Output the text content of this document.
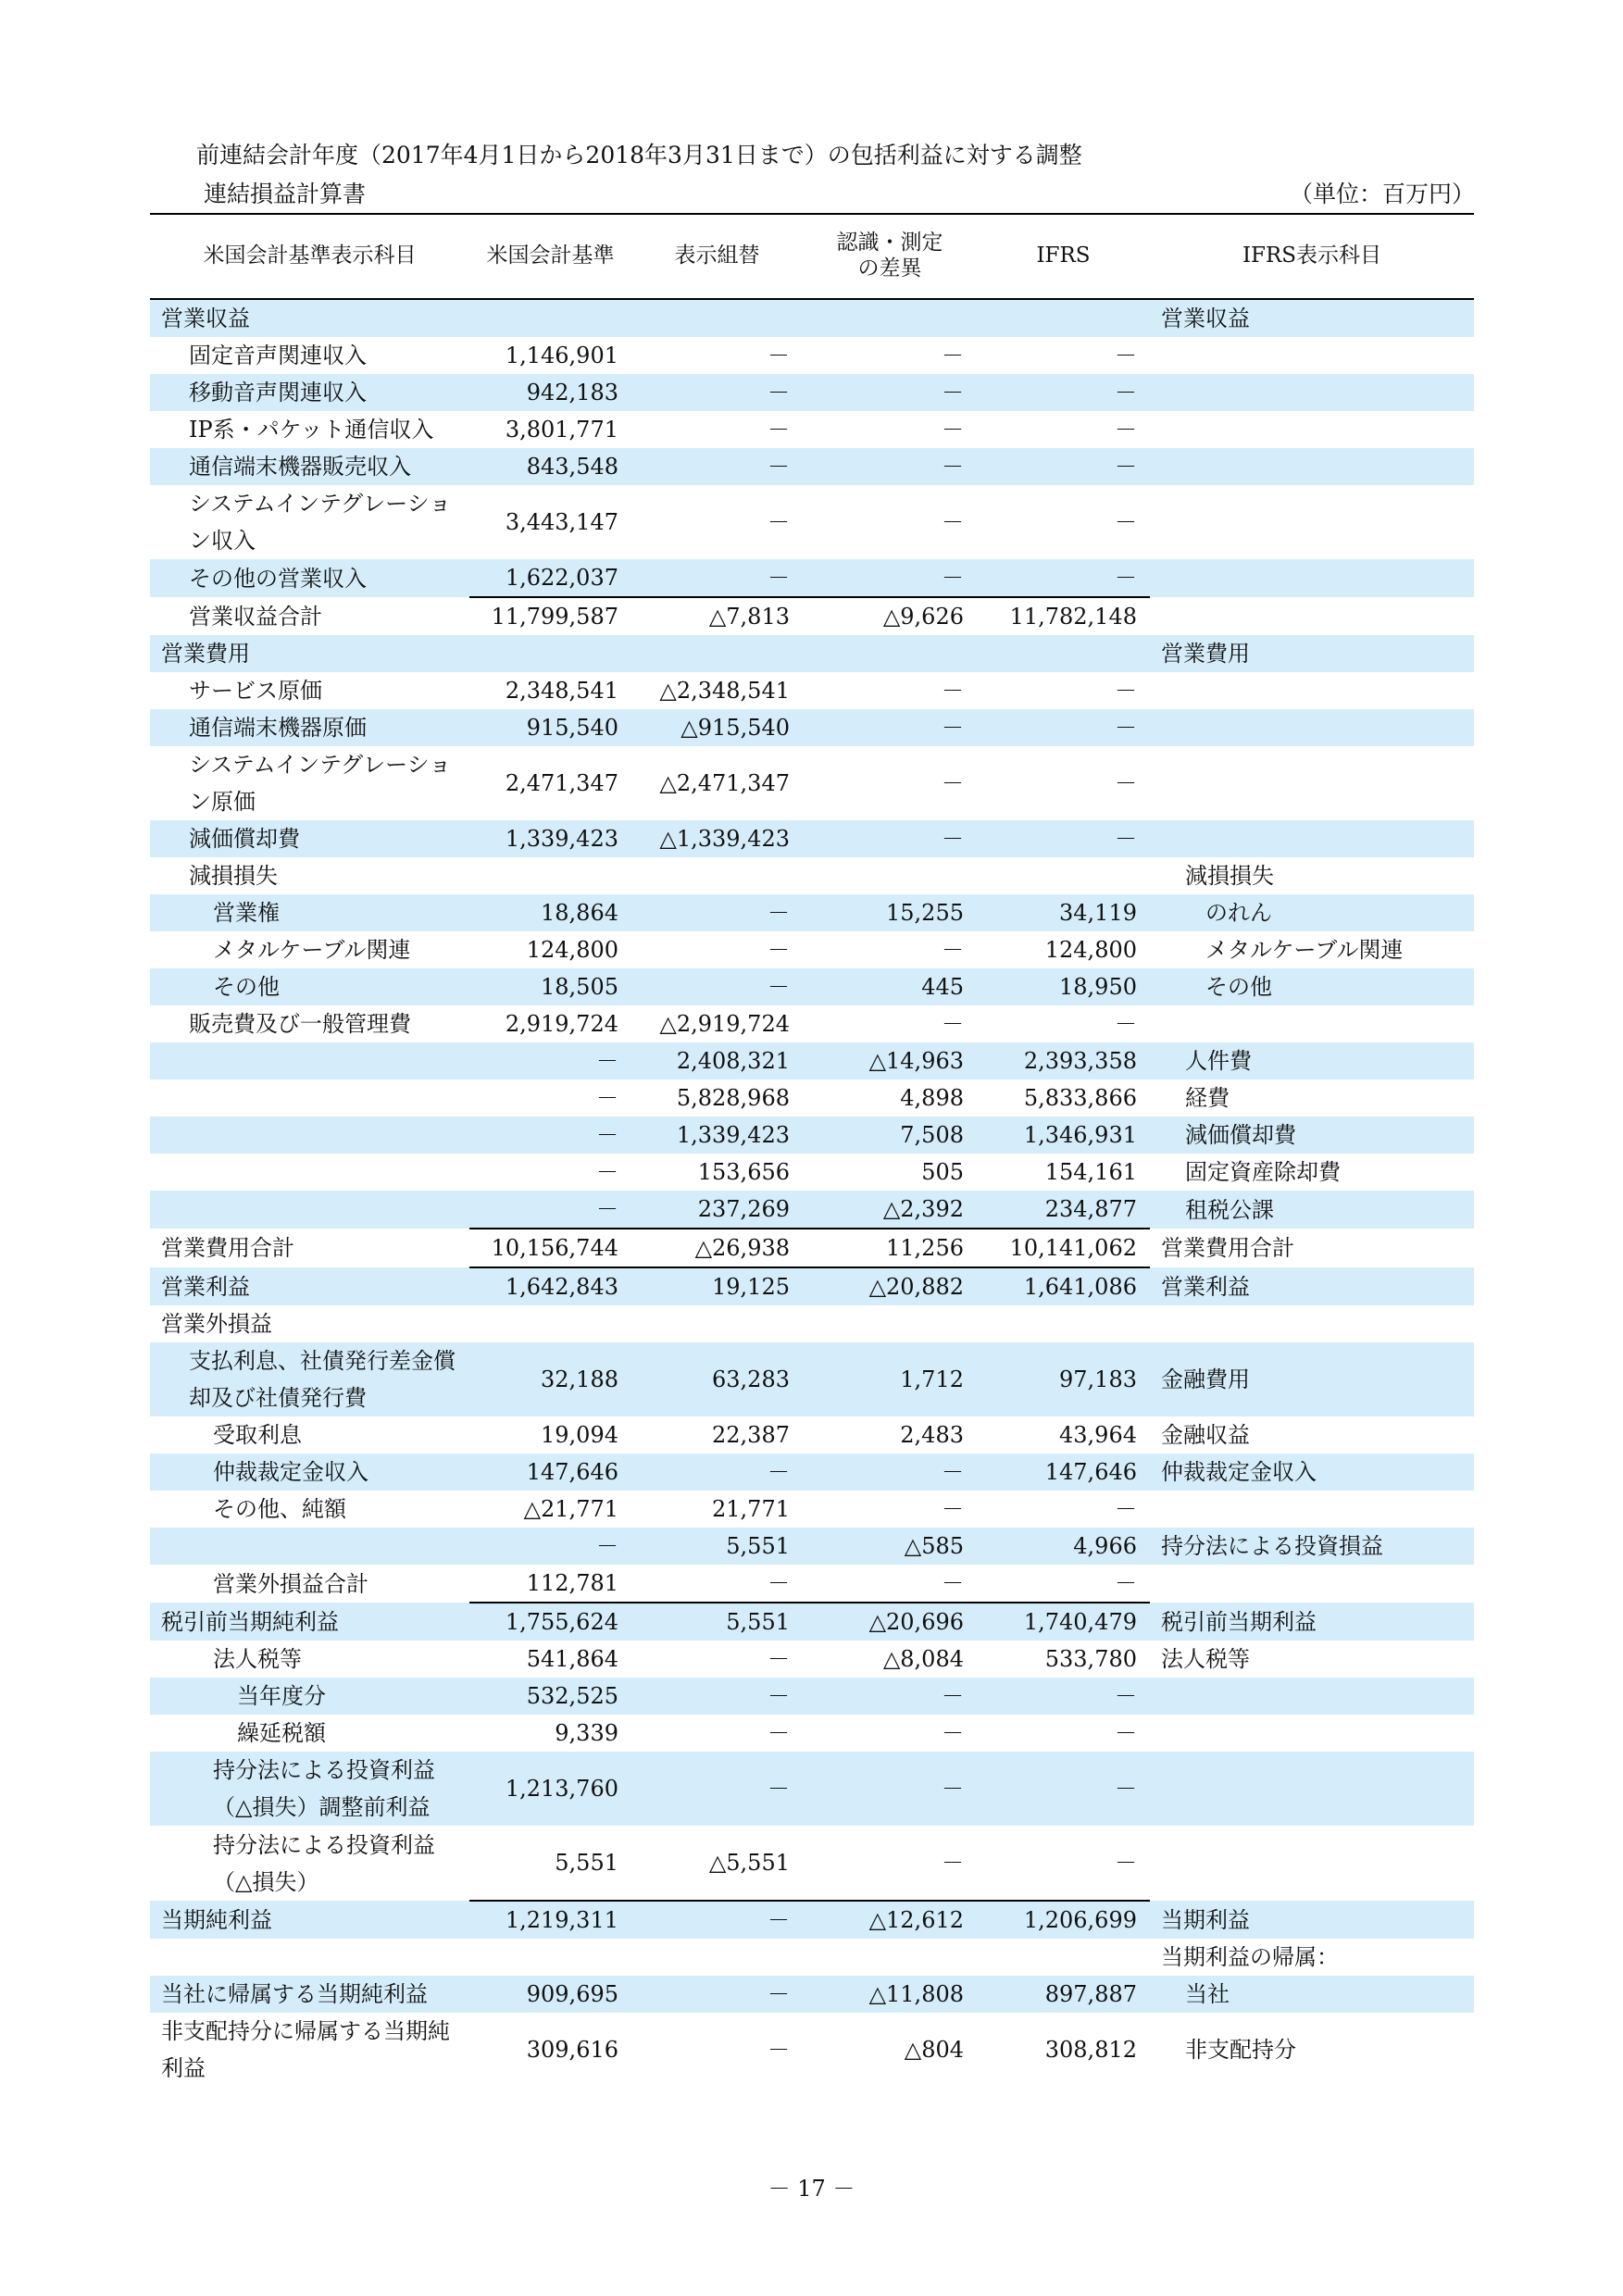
前連結会計年度（2017年4月1日から2018年3月31日まで）の包括利益に対する調整
連結損益計算書	（単位：百万円）
米国会計基準表示科目	米国会計基準	表示組替	認識・測定の差異	IFRS	IFRS表示科目
営業収益					営業収益
固定音声関連収入	1,146,901	－	－	－	
移動音声関連収入	942,183	－	－	－	
IP系・パケット通信収入	3,801,771	－	－	－	
通信端末機器販売収入	843,548	－	－	－	
システムインテグレーション収入	3,443,147	－	－	－	
その他の営業収入	1,622,037	－	－	－	
営業収益合計	11,799,587	△7,813	△9,626	11,782,148	
営業費用					営業費用
サービス原価	2,348,541	△2,348,541	－	－	
通信端末機器原価	915,540	△915,540	－	－	
システムインテグレーション原価	2,471,347	△2,471,347	－	－	
減価償却費	1,339,423	△1,339,423	－	－	
減損損失					減損損失
営業権	18,864	－	15,255	34,119	のれん
メタルケーブル関連	124,800	－	－	124,800	メタルケーブル関連
その他	18,505	－	445	18,950	その他
販売費及び一般管理費	2,919,724	△2,919,724	－	－	
	－	2,408,321	△14,963	2,393,358	人件費
	－	5,828,968	4,898	5,833,866	経費
	－	1,339,423	7,508	1,346,931	減価償却費
	－	153,656	505	154,161	固定資産除却費
	－	237,269	△2,392	234,877	租税公課
営業費用合計	10,156,744	△26,938	11,256	10,141,062	営業費用合計
営業利益	1,642,843	19,125	△20,882	1,641,086	営業利益
営業外損益					
支払利息、社債発行差金償却及び社債発行費	32,188	63,283	1,712	97,183	金融費用
受取利息	19,094	22,387	2,483	43,964	金融収益
仲裁裁定金収入	147,646	－	－	147,646	仲裁裁定金収入
その他、純額	△21,771	21,771	－	－	
	－	5,551	△585	4,966	持分法による投資損益
営業外損益合計	112,781	－	－	－	
税引前当期純利益	1,755,624	5,551	△20,696	1,740,479	税引前当期利益
法人税等	541,864	－	△8,084	533,780	法人税等
当年度分	532,525	－	－	－	
繰延税額	9,339	－	－	－	
持分法による投資利益（△損失）調整前利益	1,213,760	－	－	－	
持分法による投資利益（△損失）	5,551	△5,551	－	－	
当期純利益	1,219,311	－	△12,612	1,206,699	当期利益
					当期利益の帰属：
当社に帰属する当期純利益	909,695	－	△11,808	897,887	当社
非支配持分に帰属する当期純利益	309,616	－	△804	308,812	非支配持分
－ 17 －
